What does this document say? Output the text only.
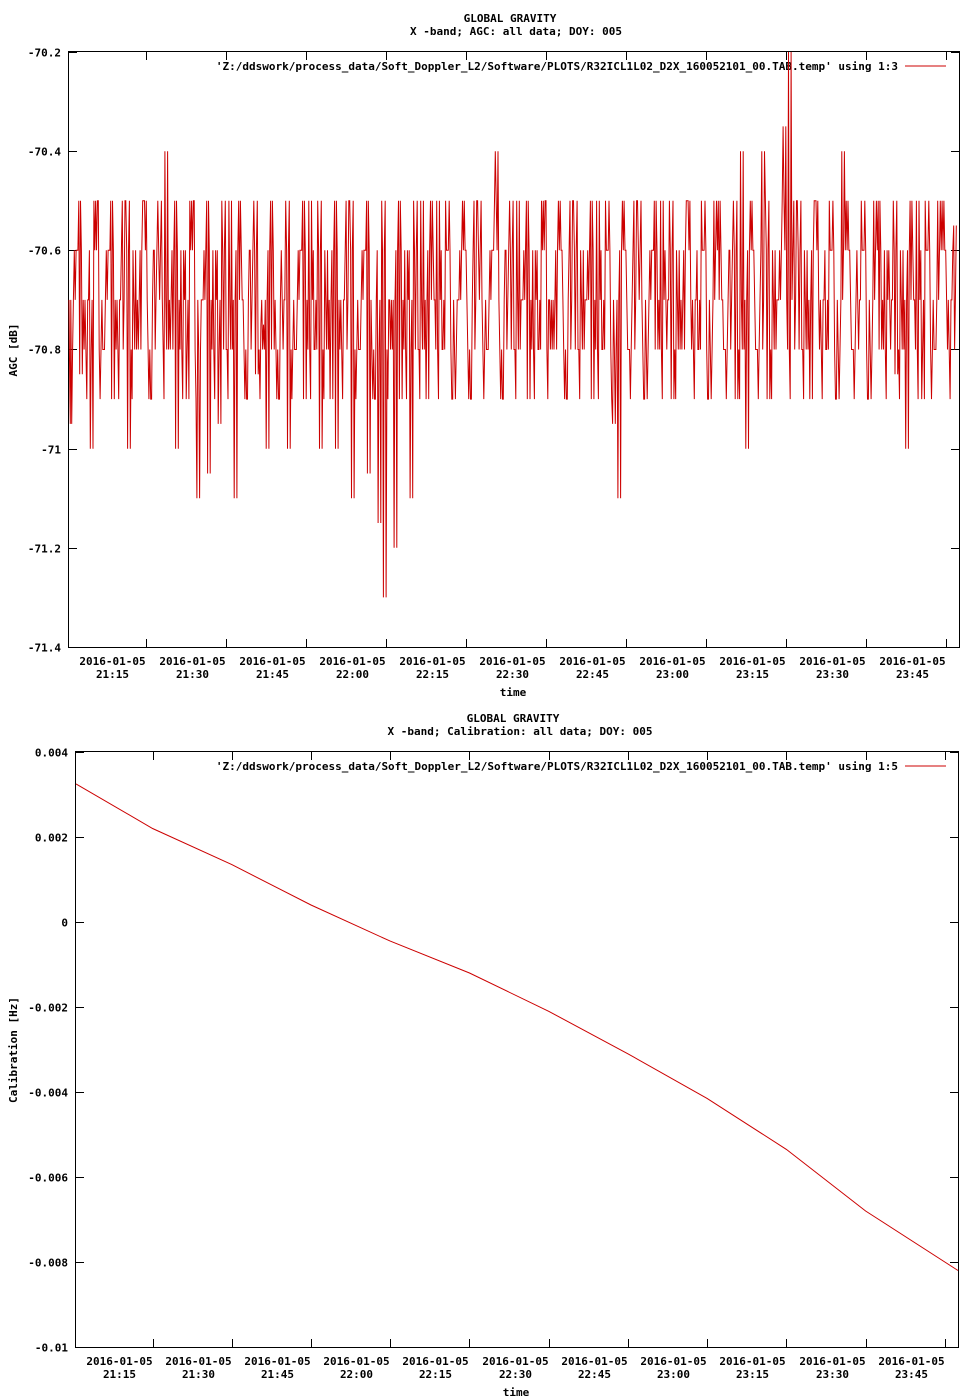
GLOBAL GRAVITY
X -band; AGC: all data; DOY: 005
AGC [dB]
time
'Z:/ddswork/process_data/Soft_Doppler_L2/Software/PLOTS/R32ICL1L02_D2X_160052101_00.TAB.temp' using 1:3
-70.2
-70.4
-70.6
-70.8
-71
-71.2
-71.4
2016-01-05
21:15
2016-01-05
21:30
2016-01-05
21:45
2016-01-05
22:00
2016-01-05
22:15
2016-01-05
22:30
2016-01-05
22:45
2016-01-05
23:00
2016-01-05
23:15
2016-01-05
23:30
2016-01-05
23:45
GLOBAL GRAVITY
X -band; Calibration: all data; DOY: 005
Calibration [Hz]
time
'Z:/ddswork/process_data/Soft_Doppler_L2/Software/PLOTS/R32ICL1L02_D2X_160052101_00.TAB.temp' using 1:5
0.004
0.002
0
-0.002
-0.004
-0.006
-0.008
-0.01
2016-01-05
21:15
2016-01-05
21:30
2016-01-05
21:45
2016-01-05
22:00
2016-01-05
22:15
2016-01-05
22:30
2016-01-05
22:45
2016-01-05
23:00
2016-01-05
23:15
2016-01-05
23:30
2016-01-05
23:45
